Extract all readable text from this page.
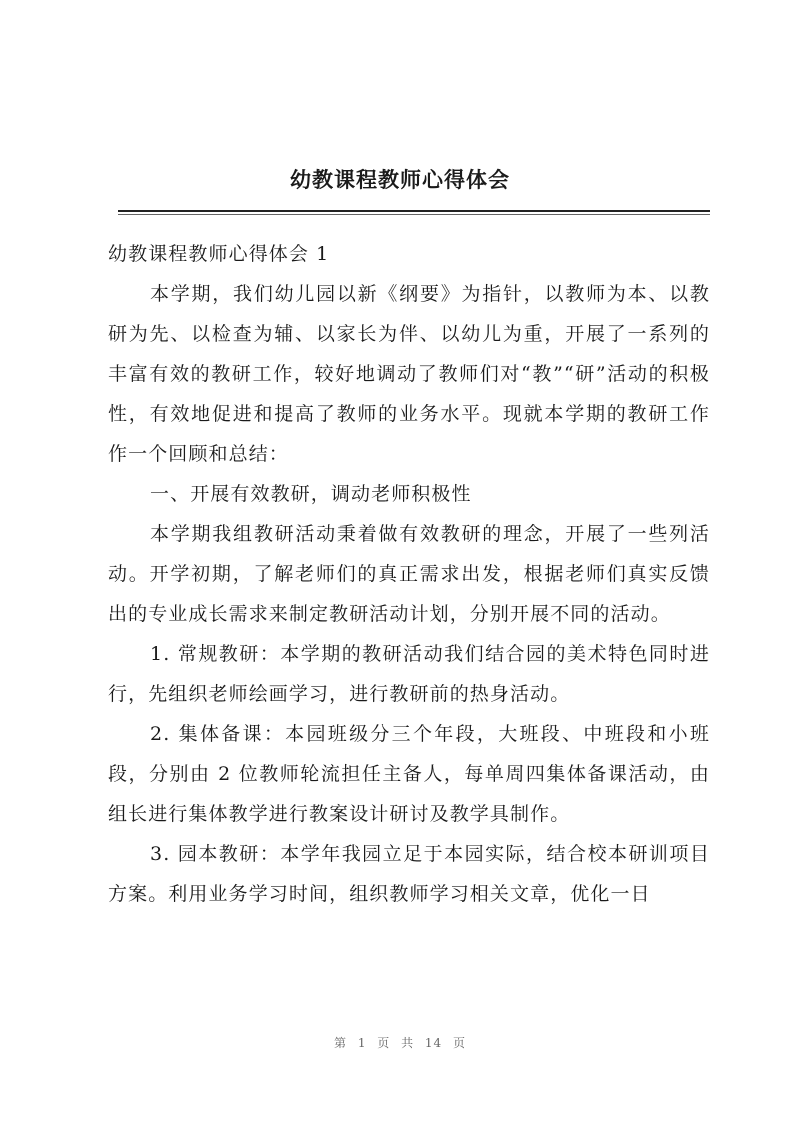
幼教课程教师心得体会

幼教课程教师心得体会 1

本学期，我们幼儿园以新《纲要》为指针，以教师为本、以教研为先、以检查为辅、以家长为伴、以幼儿为重，开展了一系列的丰富有效的教研工作，较好地调动了教师们对“教”“研”活动的积极性，有效地促进和提高了教师的业务水平。现就本学期的教研工作作一个回顾和总结：

一、开展有效教研，调动老师积极性

本学期我组教研活动秉着做有效教研的理念，开展了一些列活动。开学初期，了解老师们的真正需求出发，根据老师们真实反馈出的专业成长需求来制定教研活动计划，分别开展不同的活动。

1. 常规教研：本学期的教研活动我们结合园的美术特色同时进行，先组织老师绘画学习，进行教研前的热身活动。

2. 集体备课：本园班级分三个年段，大班段、中班段和小班段，分别由 2 位教师轮流担任主备人，每单周四集体备课活动，由组长进行集体教学进行教案设计研讨及教学具制作。

3. 园本教研：本学年我园立足于本园实际，结合校本研训项目方案。利用业务学习时间，组织教师学习相关文章，优化一日

第 1 页 共 14 页
